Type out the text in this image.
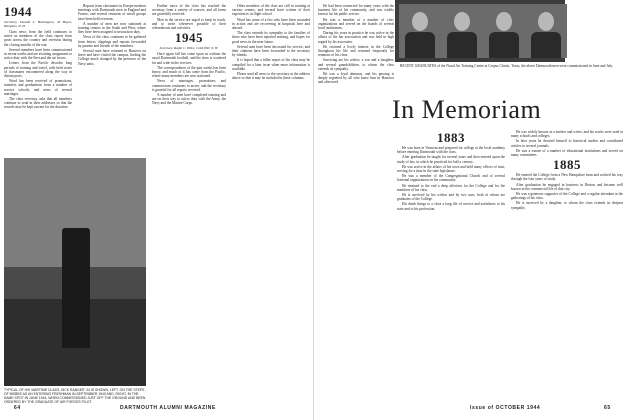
1944
Secretary, Donald L. Hashington, 43 Hayes, Hampton, N. H.

Class news from the field continues to arrive as members of the class report from posts across the country and overseas during the closing months of the war.

Several members have been commissioned in recent weeks and are awaiting assignment to active duty with the fleet and the air forces.

Letters from the Pacific describe long periods of training and travel, with brief notes of classmates encountered along the way in distant ports.

Word has been received of promotions, transfers and graduations from a number of service schools, and news of several marriages.

The class secretary asks that all members continue to send in their addresses so that the records may be kept current for the duration.

Reports from classmates in Europe mention meetings with Dartmouth men in England and France, and several reunions of small groups have been held overseas.

A number of men are now stationed at training centers in the South and West, where they have been assigned to instruction duty.

News of the class continues to be gathered from letters, clippings and reports forwarded by parents and friends of the members.

Several men have returned to Hanover on leave and have visited the campus, finding the College much changed by the presence of the Navy units.

Further news of the class has reached the secretary from a variety of sources, and all items are gratefully received.

Men in the service are urged to keep in touch, and to write whenever possible of their whereabouts and activities.

1945
Secretary, Ralph C. Wiley, Cobb Hill, N. H.

Once again fall has come upon us without the usual Dartmouth football, and the class is scattered far and wide in the services.

The correspondence of the past weeks has been heavy, and much of it has come from the Pacific, where many members are now stationed.

News of marriages, promotions and commissions continues to arrive, and the secretary is grateful for all reports received.

A number of men have completed training and are on their way to active duty with the Army, the Navy and the Marine Corps.

Other members of the class are still in training at various centers, and several have written of their experiences in flight school.

Word has come of a few who have been wounded in action and are recovering in hospitals here and abroad.

The class extends its sympathy to the families of those who have been reported missing, and hopes for good news in the near future.

Several men have been decorated for service, and their citations have been forwarded to the secretary by friends.

It is hoped that a fuller report of the class may be compiled for a later issue when more information is available.

Please send all news to the secretary at the address above so that it may be included in these columns.

TYPICAL OF HIS WARTIME CLASS, DICK RANGER '44 IS SHOWN, LEFT, ON THE STEPS OF BISBEE AS AN ENTERING FRESHMAN IN SEPTEMBER 1940 AND, RIGHT, IN THE SAME SPOT IN JUNE 1944, WHEN COMMISSIONED JUST OFF THE GROUND AND BEEN ORDERED BY THE GRADUATE OF AIR FORCES PILOT.
64	DARTMOUTH ALUMNI MAGAZINE

He had been connected for many years with the business life of his community, and was widely known for his public service.

He was a member of a number of civic organizations and served on the boards of several local institutions.

During his years in practice he was active in the affairs of the bar association and was held in high regard by his associates.

He retained a lively interest in the College throughout his life and returned frequently for reunions of his class.

Surviving are his widow, a son and a daughter, and several grandchildren, to whom the class extends its sympathy.

He was a loyal alumnus, and his passing is deeply regretted by all who knew him in Hanover and afterward.

RECENT GRADUATES of the Naval Air Training Center at Corpus Christi, Texas, the above Dartmouth men were commissioned in June and July.

In Memoriam
1883

He was born in Vermont and prepared for college at the local academy before entering Dartmouth with the class.

After graduation he taught for several years and then entered upon the study of law, in which he practiced for half a century.

He was active in the affairs of his town and held many offices of trust, serving for a time in the state legislature.

He was a member of the Congregational Church and of several fraternal organizations in his community.

He retained to the end a deep affection for the College and for the members of his class.

He is survived by his widow and by two sons, both of whom are graduates of the College.

His death brings to a close a long life of service and usefulness to his state and to his profession.

He was widely known as a teacher and writer, and his works were used in many schools and colleges.

In later years he devoted himself to historical studies and contributed articles to several journals.

He was a trustee of a number of educational institutions and served on many committees.

1885

He entered the College from a New Hampshire farm and worked his way through the four years of study.

After graduation he engaged in business in Boston and became well known in the commercial life of that city.

He was a generous supporter of the College and a regular attendant at the gatherings of his class.

He is survived by a daughter, to whom the class extends its deepest sympathy.

Issue of OCTOBER 1944	65
